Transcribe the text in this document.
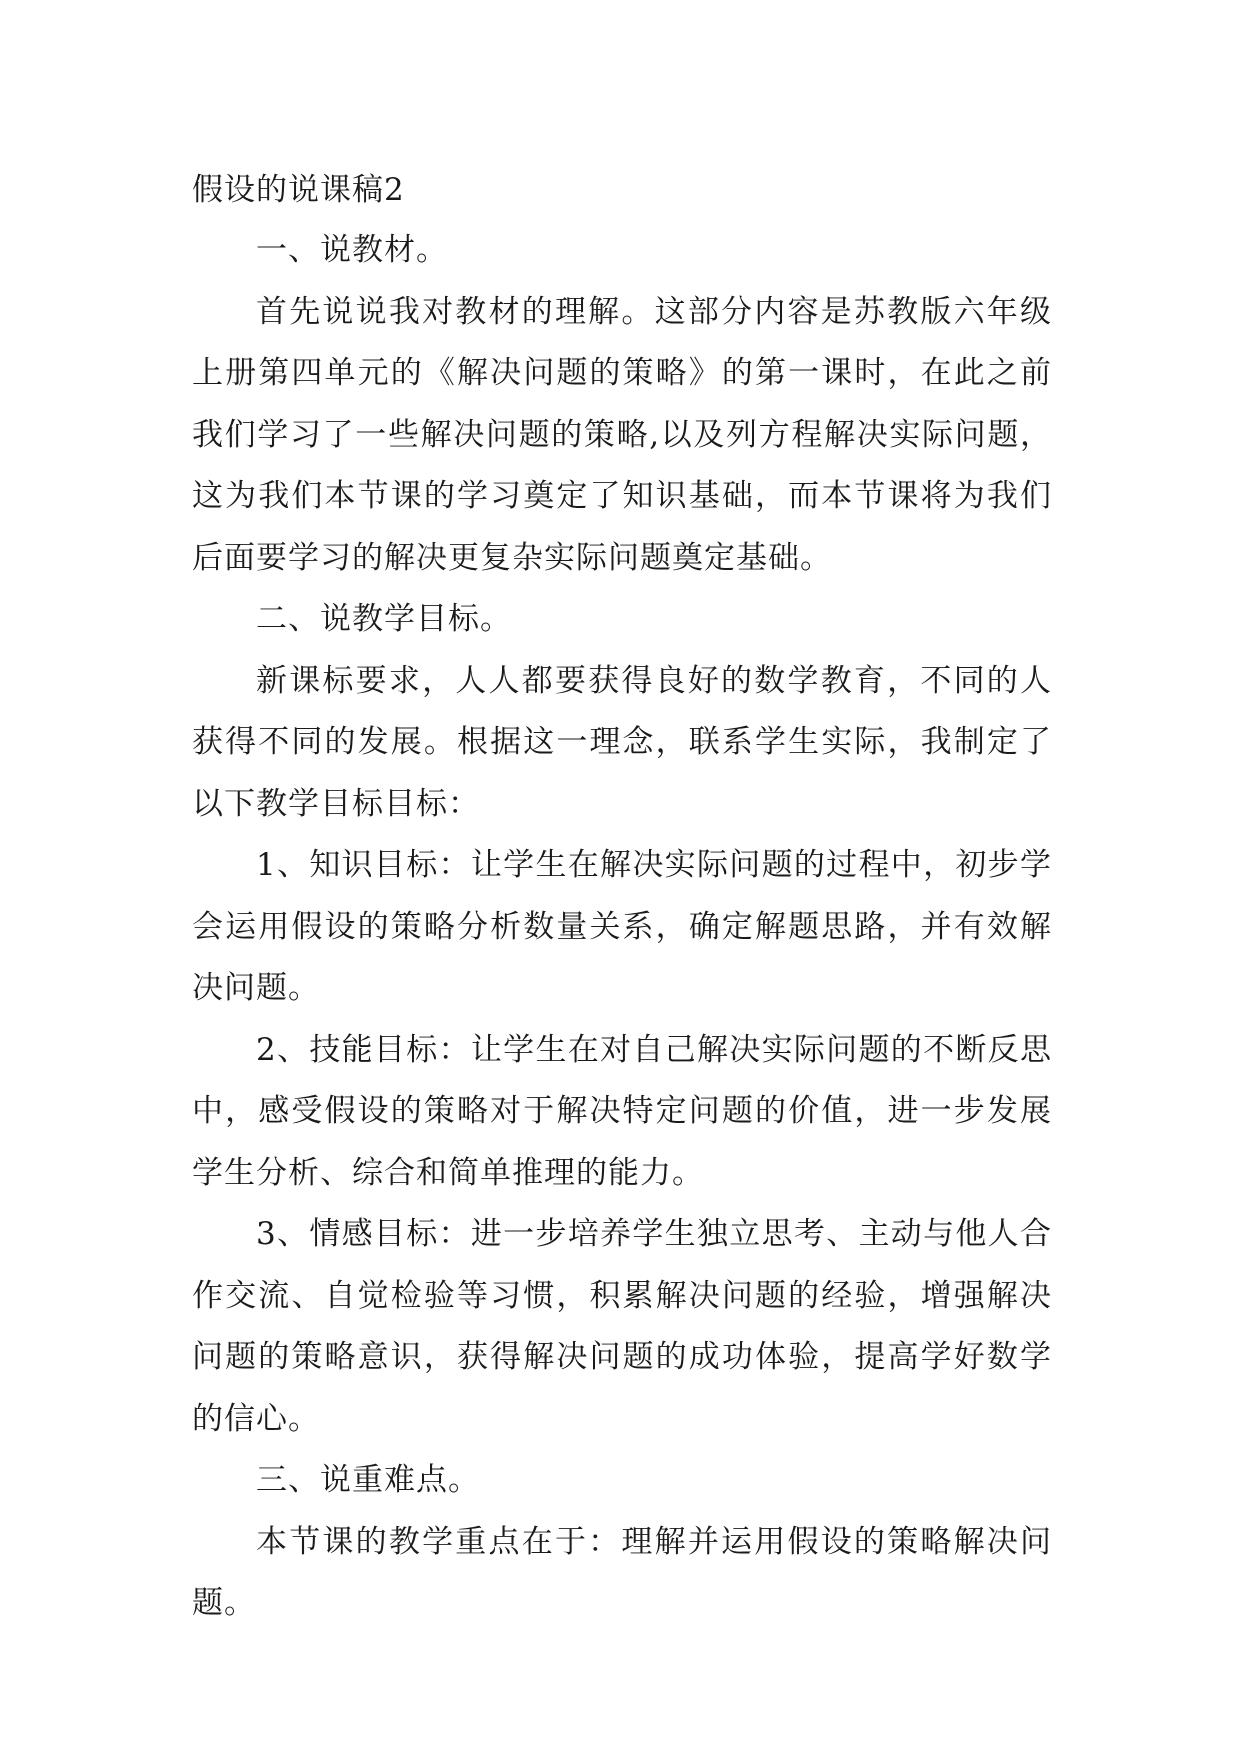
假设的说课稿2

一、说教材。

首先说说我对教材的理解。这部分内容是苏教版六年级上册第四单元的《解决问题的策略》的第一课时，在此之前我们学习了一些解决问题的策略,以及列方程解决实际问题，这为我们本节课的学习奠定了知识基础，而本节课将为我们后面要学习的解决更复杂实际问题奠定基础。

二、说教学目标。

新课标要求，人人都要获得良好的数学教育，不同的人获得不同的发展。根据这一理念，联系学生实际，我制定了以下教学目标目标：

1、知识目标：让学生在解决实际问题的过程中，初步学会运用假设的策略分析数量关系，确定解题思路，并有效解决问题。

2、技能目标：让学生在对自己解决实际问题的不断反思中，感受假设的策略对于解决特定问题的价值，进一步发展学生分析、综合和简单推理的能力。

3、情感目标：进一步培养学生独立思考、主动与他人合作交流、自觉检验等习惯，积累解决问题的经验，增强解决问题的策略意识，获得解决问题的成功体验，提高学好数学的信心。

三、说重难点。

本节课的教学重点在于：理解并运用假设的策略解决问题。
